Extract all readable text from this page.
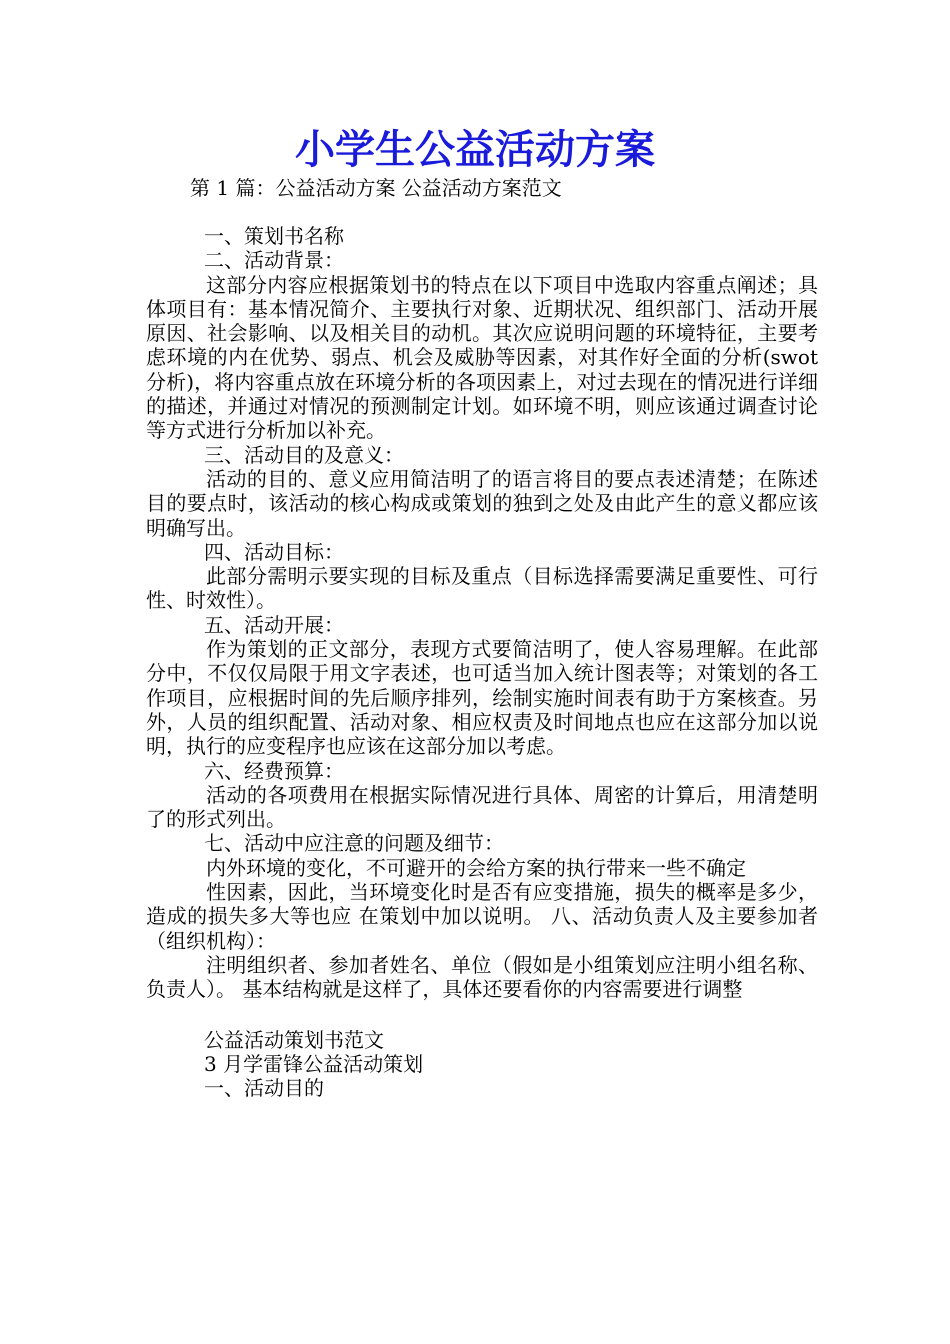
小学生公益活动方案
第 1 篇：公益活动方案 公益活动方案范文

一、策划书名称

二、活动背景：

这部分内容应根据策划书的特点在以下项目中选取内容重点阐述；具体项目有：基本情况简介、主要执行对象、近期状况、组织部门、活动开展原因、社会影响、以及相关目的动机。其次应说明问题的环境特征，主要考虑环境的内在优势、弱点、机会及威胁等因素，对其作好全面的分析(swot 分析)，将内容重点放在环境分析的各项因素上，对过去现在的情况进行详细的描述，并通过对情况的预测制定计划。如环境不明，则应该通过调查讨论等方式进行分析加以补充。

三、活动目的及意义：

活动的目的、意义应用简洁明了的语言将目的要点表述清楚；在陈述目的要点时，该活动的核心构成或策划的独到之处及由此产生的意义都应该明确写出。

四、活动目标：

此部分需明示要实现的目标及重点（目标选择需要满足重要性、可行性、时效性）。

五、活动开展：

作为策划的正文部分，表现方式要简洁明了，使人容易理解。在此部分中，不仅仅局限于用文字表述，也可适当加入统计图表等；对策划的各工作项目，应根据时间的先后顺序排列，绘制实施时间表有助于方案核查。另外，人员的组织配置、活动对象、相应权责及时间地点也应在这部分加以说明，执行的应变程序也应该在这部分加以考虑。

六、经费预算：

活动的各项费用在根据实际情况进行具体、周密的计算后，用清楚明了的形式列出。

七、活动中应注意的问题及细节：

内外环境的变化，不可避开的会给方案的执行带来一些不确定

性因素，因此，当环境变化时是否有应变措施，损失的概率是多少，造成的损失多大等也应 在策划中加以说明。 八、活动负责人及主要参加者（组织机构）：

注明组织者、参加者姓名、单位（假如是小组策划应注明小组名称、负责人）。 基本结构就是这样了，具体还要看你的内容需要进行调整

公益活动策划书范文

3 月学雷锋公益活动策划

一、活动目的
